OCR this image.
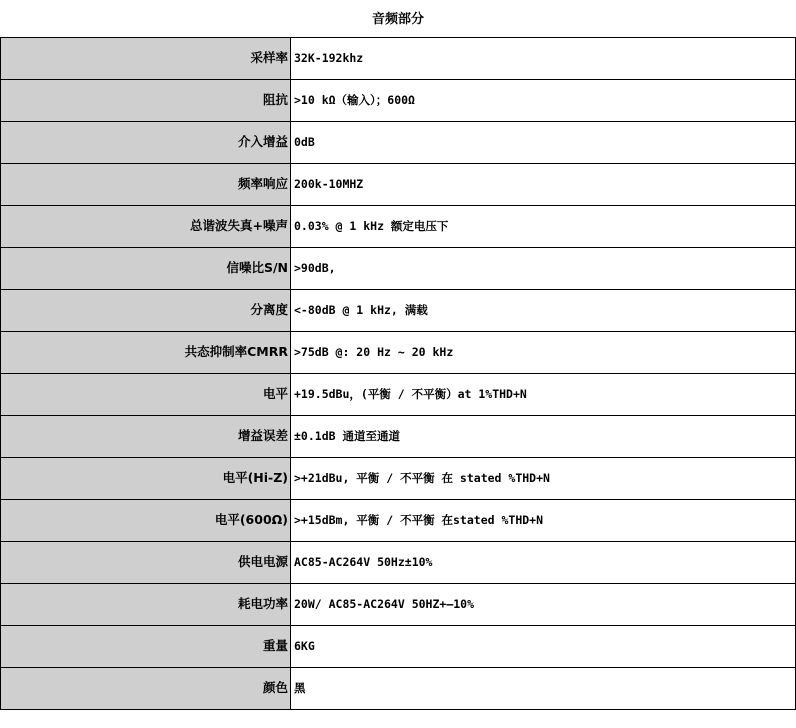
音频部分
采样率	32K-192khz
阻抗	>10 kΩ（输入）；600Ω
介入增益	0dB
频率响应	200k-10MHZ
总谐波失真+噪声	0.03% @ 1 kHz 额定电压下
信噪比S/N	>90dB,
分离度	<-80dB @ 1 kHz, 满载
共态抑制率CMRR	>75dB @: 20 Hz ~ 20 kHz
电平	+19.5dBu，(平衡 / 不平衡）at 1%THD+N
增益误差	±0.1dB 通道至通道
电平(Hi-Z)	>+21dBu, 平衡 / 不平衡 在 stated %THD+N
电平(600Ω)	>+15dBm, 平衡 / 不平衡 在stated %THD+N
供电电源	AC85-AC264V 50Hz±10%
耗电功率	20W/ AC85-AC264V 50HZ+—10%
重量	6KG
颜色	黑
